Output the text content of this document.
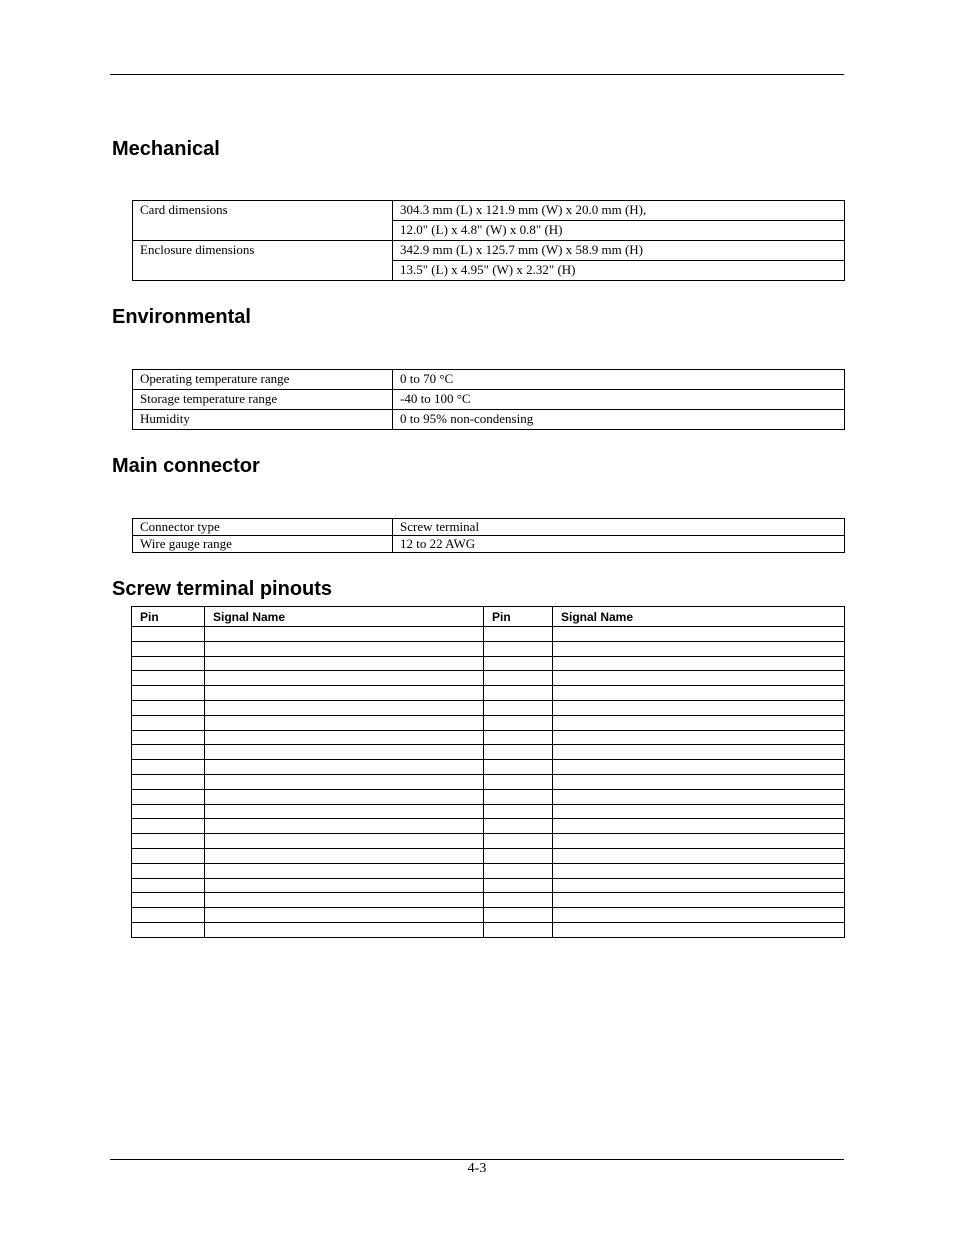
Mechanical
Card dimensions	304.3 mm (L) x 121.9 mm (W) x 20.0 mm (H),
	12.0" (L) x 4.8" (W) x 0.8" (H)
Enclosure dimensions	342.9 mm (L) x 125.7 mm (W) x 58.9 mm (H)
	13.5" (L) x 4.95" (W) x 2.32" (H)
Environmental
Operating temperature range	0 to 70 °C
Storage temperature range	-40 to 100 °C
Humidity	0 to 95% non-condensing
Main connector
Connector type	Screw terminal
Wire gauge range	12 to 22 AWG
Screw terminal pinouts
Pin	Signal Name	Pin	Signal Name

4-3
